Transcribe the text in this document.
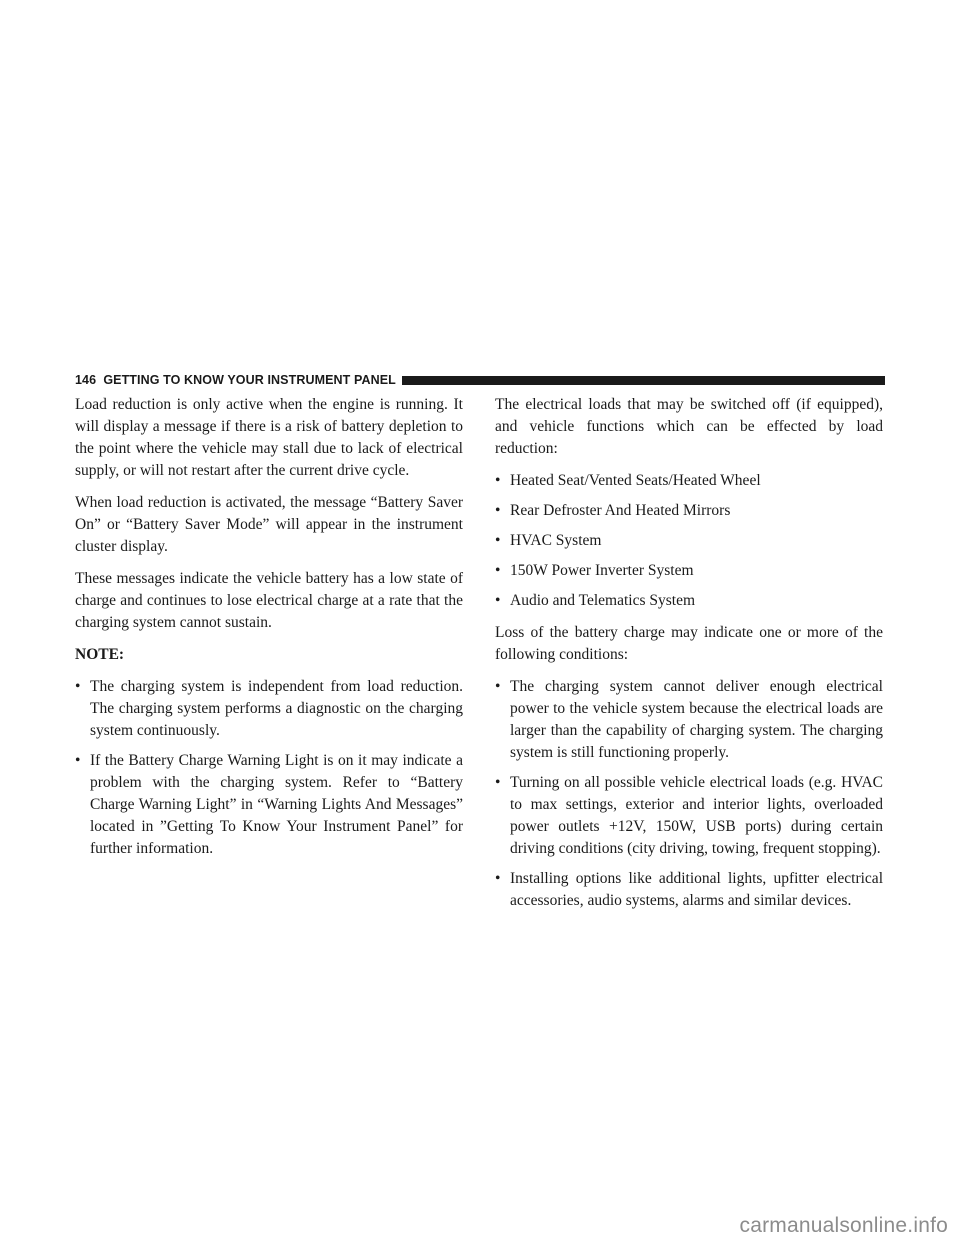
146 GETTING TO KNOW YOUR INSTRUMENT PANEL

Load reduction is only active when the engine is running. It will display a message if there is a risk of battery depletion to the point where the vehicle may stall due to lack of electrical supply, or will not restart after the current drive cycle.

When load reduction is activated, the message “Battery Saver On” or “Battery Saver Mode” will appear in the instrument cluster display.

These messages indicate the vehicle battery has a low state of charge and continues to lose electrical charge at a rate that the charging system cannot sustain.

NOTE:

• The charging system is independent from load reduction. The charging system performs a diagnostic on the charging system continuously.
• If the Battery Charge Warning Light is on it may indicate a problem with the charging system. Refer to “Battery Charge Warning Light” in “Warning Lights And Messages” located in ”Getting To Know Your Instrument Panel” for further information.

The electrical loads that may be switched off (if equipped), and vehicle functions which can be effected by load reduction:

• Heated Seat/Vented Seats/Heated Wheel
• Rear Defroster And Heated Mirrors
• HVAC System
• 150W Power Inverter System
• Audio and Telematics System

Loss of the battery charge may indicate one or more of the following conditions:

• The charging system cannot deliver enough electrical power to the vehicle system because the electrical loads are larger than the capability of charging system. The charging system is still functioning properly.
• Turning on all possible vehicle electrical loads (e.g. HVAC to max settings, exterior and interior lights, overloaded power outlets +12V, 150W, USB ports) during certain driving conditions (city driving, towing, frequent stopping).
• Installing options like additional lights, upfitter electrical accessories, audio systems, alarms and similar devices.
carmanualsonline.info
